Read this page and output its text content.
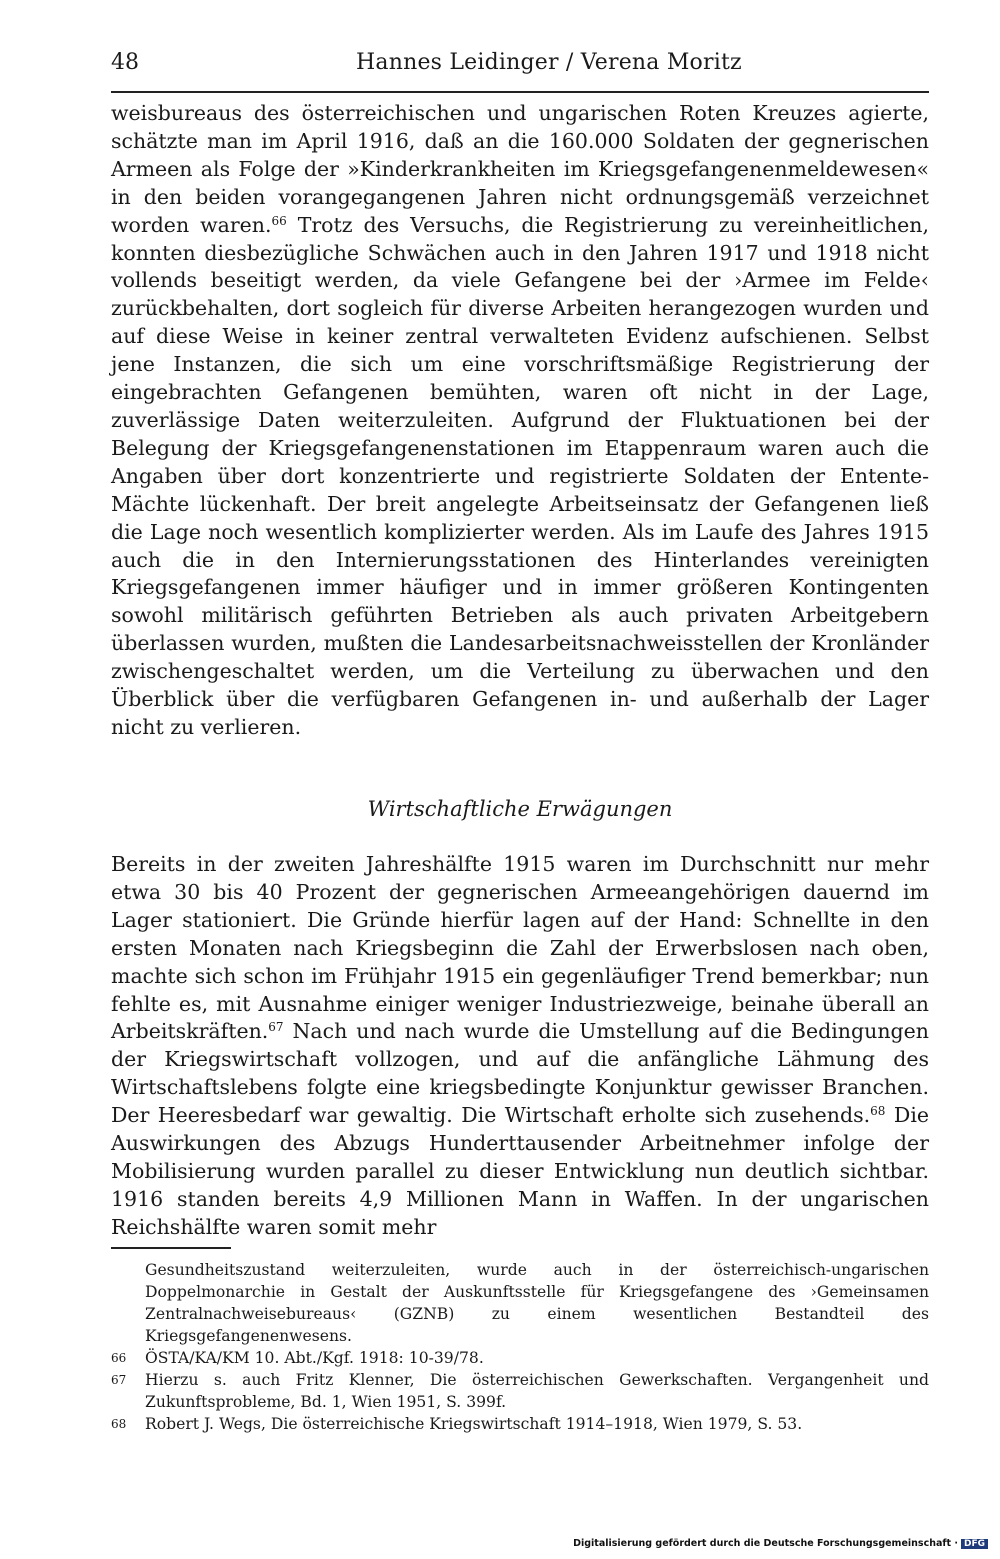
48	Hannes Leidinger / Verena Moritz

weisbureaus des österreichischen und ungarischen Roten Kreuzes agierte, schätzte man im April 1916, daß an die 160.000 Soldaten der gegnerischen Armeen als Folge der »Kinderkrankheiten im Kriegsgefangenenmeldewesen« in den beiden vorangegangenen Jahren nicht ordnungsgemäß verzeichnet worden waren.$^{66}$ Trotz des Versuchs, die Registrierung zu vereinheitlichen, konnten diesbezügliche Schwächen auch in den Jahren 1917 und 1918 nicht vollends beseitigt werden, da viele Gefangene bei der ›Armee im Felde‹ zurückbehalten, dort sogleich für diverse Arbeiten herangezogen wurden und auf diese Weise in keiner zentral verwalteten Evidenz aufschienen. Selbst jene Instanzen, die sich um eine vorschriftsmäßige Registrierung der eingebrachten Gefangenen bemühten, waren oft nicht in der Lage, zuverlässige Daten weiterzuleiten. Aufgrund der Fluktuationen bei der Belegung der Kriegsgefangenenstationen im Etappenraum waren auch die Angaben über dort konzentrierte und registrierte Soldaten der Entente-Mächte lückenhaft. Der breit angelegte Arbeitseinsatz der Gefangenen ließ die Lage noch wesentlich komplizierter werden. Als im Laufe des Jahres 1915 auch die in den Internierungsstationen des Hinterlandes vereinigten Kriegsgefangenen immer häufiger und in immer größeren Kontingenten sowohl militärisch geführten Betrieben als auch privaten Arbeitgebern überlassen wurden, mußten die Landesarbeitsnachweisstellen der Kronländer zwischengeschaltet werden, um die Verteilung zu überwachen und den Überblick über die verfügbaren Gefangenen in- und außerhalb der Lager nicht zu verlieren.

Wirtschaftliche Erwägungen

Bereits in der zweiten Jahreshälfte 1915 waren im Durchschnitt nur mehr etwa 30 bis 40 Prozent der gegnerischen Armeeangehörigen dauernd im Lager stationiert. Die Gründe hierfür lagen auf der Hand: Schnellte in den ersten Monaten nach Kriegsbeginn die Zahl der Erwerbslosen nach oben, machte sich schon im Frühjahr 1915 ein gegenläufiger Trend bemerkbar; nun fehlte es, mit Ausnahme einiger weniger Industriezweige, beinahe überall an Arbeitskräften.$^{67}$ Nach und nach wurde die Umstellung auf die Bedingungen der Kriegswirtschaft vollzogen, und auf die anfängliche Lähmung des Wirtschaftslebens folgte eine kriegsbedingte Konjunktur gewisser Branchen. Der Heeresbedarf war gewaltig. Die Wirtschaft erholte sich zusehends.$^{68}$ Die Auswirkungen des Abzugs Hunderttausender Arbeitnehmer infolge der Mobilisierung wurden parallel zu dieser Entwicklung nun deutlich sichtbar. 1916 standen bereits 4,9 Millionen Mann in Waffen. In der ungarischen Reichshälfte waren somit mehr

Gesundheitszustand weiterzuleiten, wurde auch in der österreichisch-ungarischen Doppelmonarchie in Gestalt der Auskunftsstelle für Kriegsgefangene des ›Gemeinsamen Zentralnachweisebureaus‹ (GZNB) zu einem wesentlichen Bestandteil des Kriegsgefangenenwesens.

66 ÖSTA/KA/KM 10. Abt./Kgf. 1918: 10-39/78.

67 Hierzu s. auch Fritz Klenner, Die österreichischen Gewerkschaften. Vergangenheit und Zukunftsprobleme, Bd. 1, Wien 1951, S. 399f.

68 Robert J. Wegs, Die österreichische Kriegswirtschaft 1914–1918, Wien 1979, S. 53.

Digitalisierung gefördert durch die Deutsche Forschungsgemeinschaft · DFG
